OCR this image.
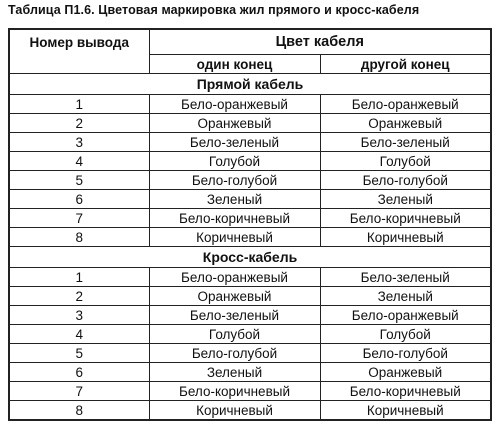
Таблица П1.6. Цветовая маркировка жил прямого и кросс-кабеля
Номер вывода	Цвет кабеля	
	один конец	другой конец
Прямой кабель		
1	Бело-оранжевый	Бело-оранжевый
2	Оранжевый	Оранжевый
3	Бело-зеленый	Бело-зеленый
4	Голубой	Голубой
5	Бело-голубой	Бело-голубой
6	Зеленый	Зеленый
7	Бело-коричневый	Бело-коричневый
8	Коричневый	Коричневый
Кросс-кабель		
1	Бело-оранжевый	Бело-зеленый
2	Оранжевый	Зеленый
3	Бело-зеленый	Бело-оранжевый
4	Голубой	Голубой
5	Бело-голубой	Бело-голубой
6	Зеленый	Оранжевый
7	Бело-коричневый	Бело-коричневый
8	Коричневый	Коричневый
